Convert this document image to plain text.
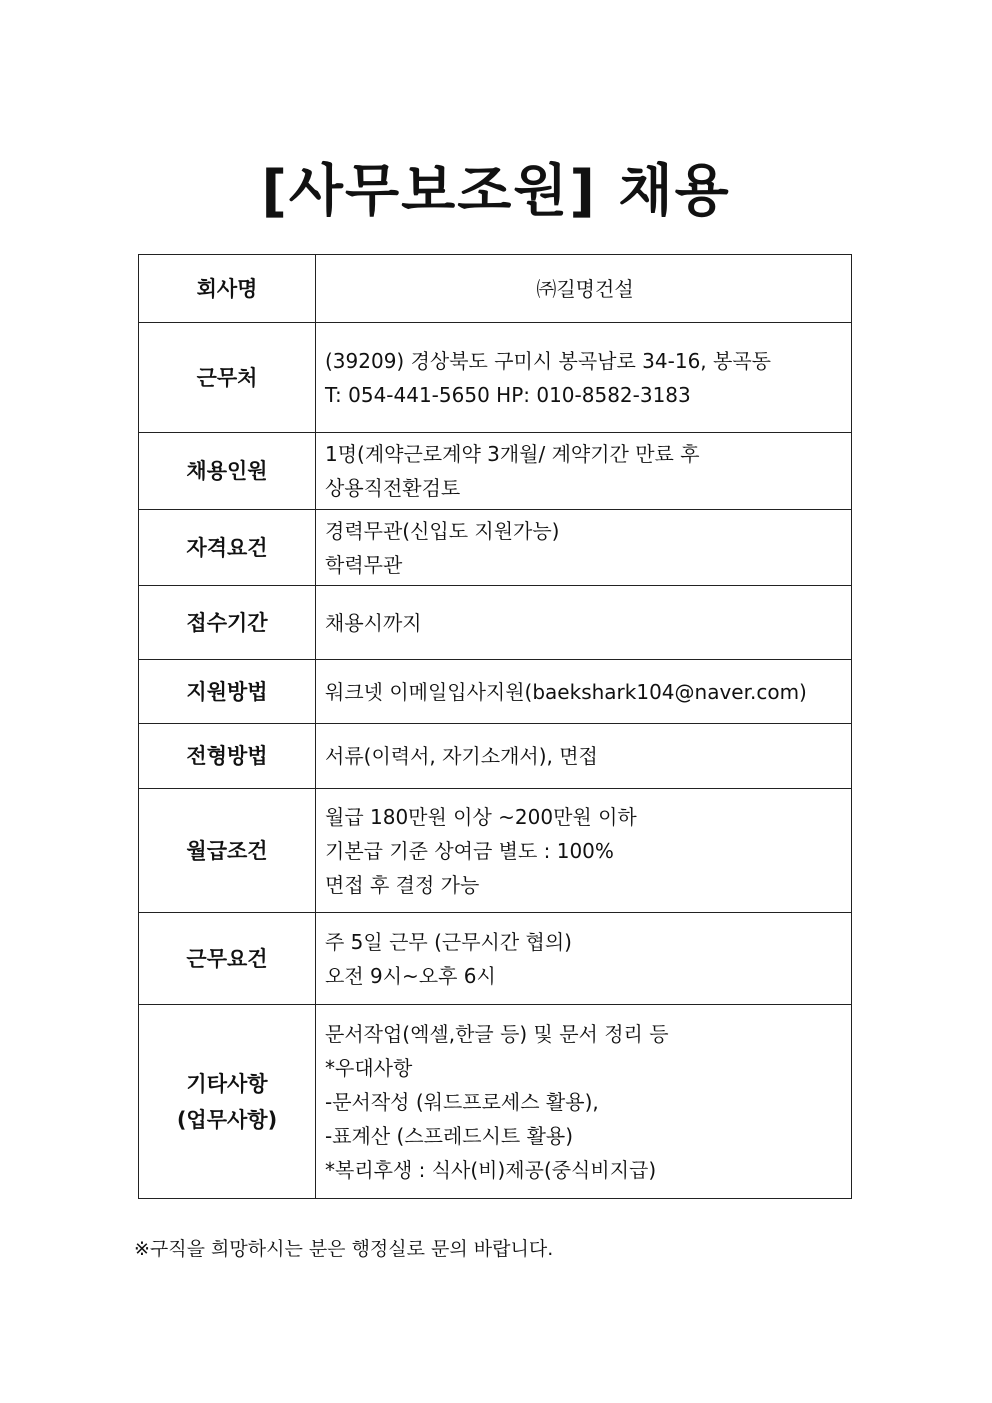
[사무보조원] 채용
회사명	㈜길명건설

근무처	(39209) 경상북도 구미시 봉곡남로 34-16, 봉곡동
T: 054-441-5650 HP: 010-8582-3183

채용인원	1명(계약근로계약 3개월/ 계약기간 만료 후
상용직전환검토

자격요건	경력무관(신입도 지원가능)
학력무관

접수기간	채용시까지

지원방법	워크넷 이메일입사지원(baekshark104@naver.com)

전형방법	서류(이력서, 자기소개서), 면접

월급조건	월급 180만원 이상 ~200만원 이하
기본급 기준 상여금 별도 : 100%
면접 후 결정 가능

근무요건	주 5일 근무 (근무시간 협의)
오전 9시~오후 6시

기타사항
(업무사항)	문서작업(엑셀,한글 등) 및 문서 정리 등
*우대사항
-문서작성 (워드프로세스 활용),
-표계산 (스프레드시트 활용)
*복리후생 : 식사(비)제공(중식비지급)
※구직을 희망하시는 분은 행정실로 문의 바랍니다.
